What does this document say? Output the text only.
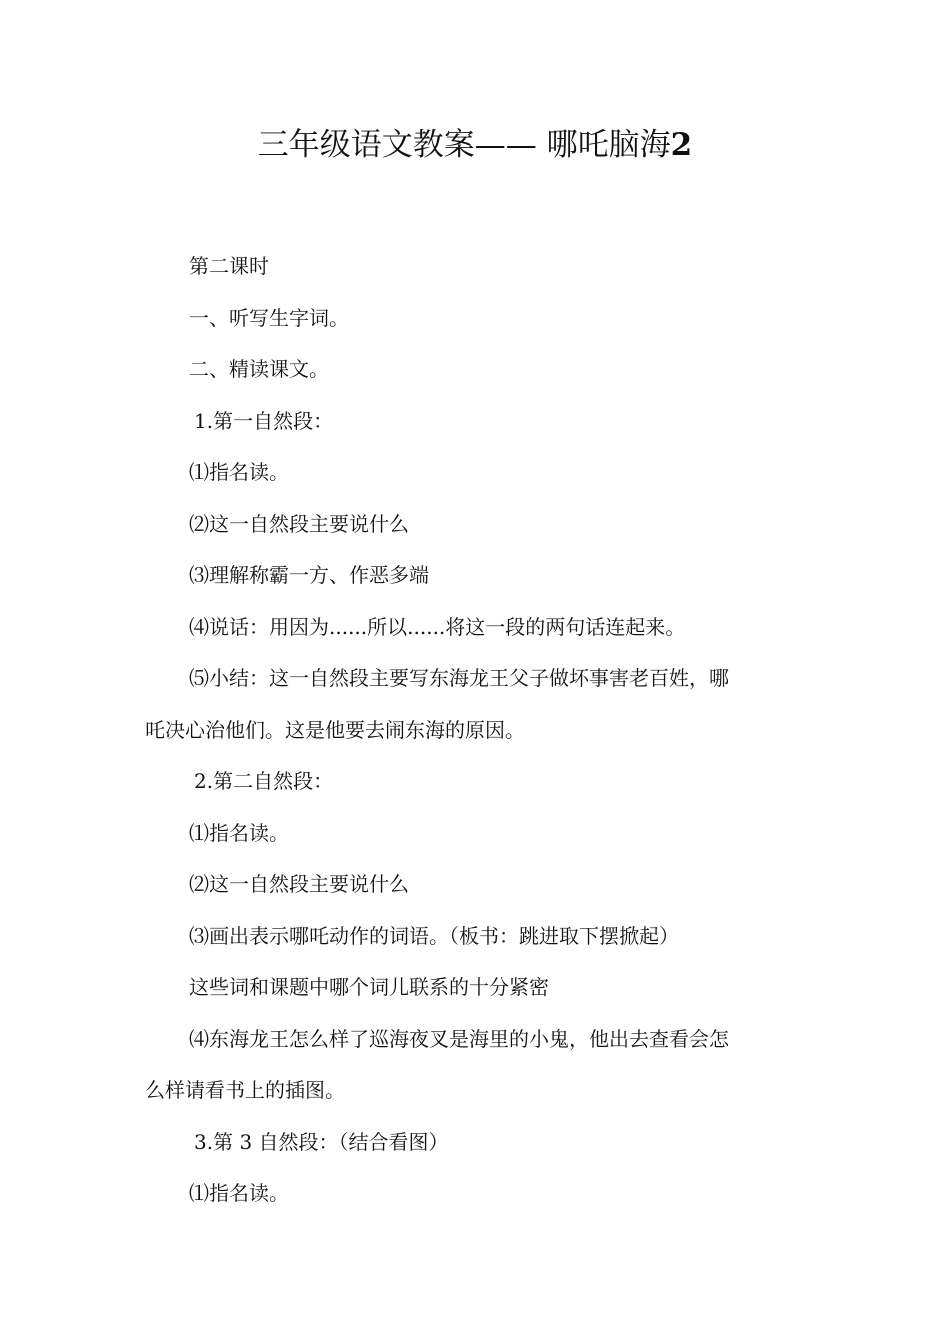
三年级语文教案—— 哪吒脑海2
第二课时
一、听写生字词。
二、精读课文。
1.第一自然段：
⑴指名读。
⑵这一自然段主要说什么
⑶理解称霸一方、作恶多端
⑷说话：用因为......所以......将这一段的两句话连起来。
⑸小结：这一自然段主要写东海龙王父子做坏事害老百姓，哪
吒决心治他们。这是他要去闹东海的原因。
2.第二自然段：
⑴指名读。
⑵这一自然段主要说什么
⑶画出表示哪吒动作的词语。（板书：跳进取下摆掀起）
这些词和课题中哪个词儿联系的十分紧密
⑷东海龙王怎么样了巡海夜叉是海里的小鬼，他出去查看会怎
么样请看书上的插图。
3.第 3 自然段：（结合看图）
⑴指名读。
